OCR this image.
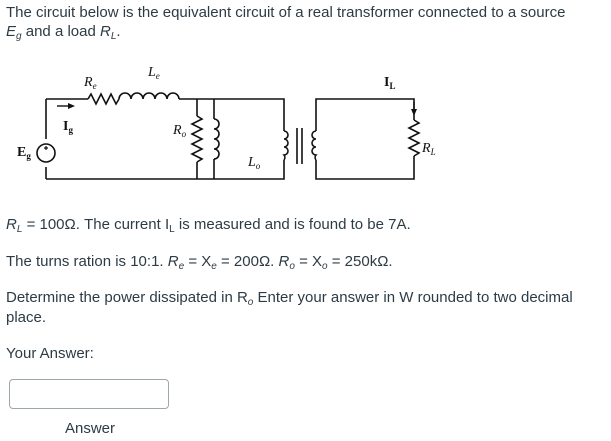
The circuit below is the equivalent circuit of a real transformer connected to a source
$E_g$ and a load $R_L$.
$R_e$
$L_e$
$I_g$	$R_o$
$L_o$
$E_g$
$I_L$
$R_L$
$R_L = 100\Omega$. The current $I_L$ is measured and is found to be 7A.
The turns ration is 10:1. $R_e = X_e = 200\Omega$. $R_o = X_o = 250k\Omega$.
Determine the power dissipated in $R_o$ Enter your answer in W rounded to two decimal place.
Your Answer:
Answer
